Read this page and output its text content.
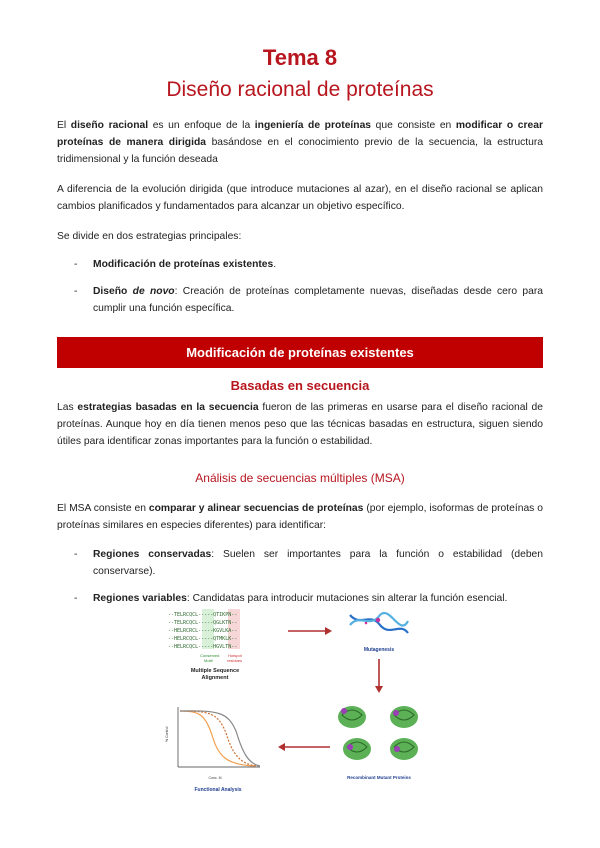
Tema 8
Diseño racional de proteínas
El diseño racional es un enfoque de la ingeniería de proteínas que consiste en modificar o crear proteínas de manera dirigida basándose en el conocimiento previo de la secuencia, la estructura tridimensional y la función deseada
A diferencia de la evolución dirigida (que introduce mutaciones al azar), en el diseño racional se aplican cambios planificados y fundamentados para alcanzar un objetivo específico.
Se divide en dos estrategias principales:
- Modificación de proteínas existentes.
- Diseño de novo: Creación de proteínas completamente nuevas, diseñadas desde cero para cumplir una función específica.
Modificación de proteínas existentes
Basadas en secuencia
Las estrategias basadas en la secuencia fueron de las primeras en usarse para el diseño racional de proteínas. Aunque hoy en día tienen menos peso que las técnicas basadas en estructura, siguen siendo útiles para identificar zonas importantes para la función o estabilidad.
Análisis de secuencias múltiples (MSA)
El MSA consiste en comparar y alinear secuencias de proteínas (por ejemplo, isoformas de proteínas o proteínas similares en especies diferentes) para identificar:
- Regiones conservadas: Suelen ser importantes para la función o estabilidad (deben conservarse).
- Regiones variables: Candidatas para introducir mutaciones sin alterar la función esencial.
--TELRCQCL-----QTIKPN--
--TELRCQCL-----QGLKTN--
--HELRCRCL-----KGVLKA--
--HELRCQCL-----QTMKLK--
--HELRCQCL-----HGVLTN--
Conserved
Motif
Hotspot
residues
Multiple Sequence
Alignment
Mutagenesis
Recombinant Mutant Proteins
% Control
Conc. M
Functional Analysis
